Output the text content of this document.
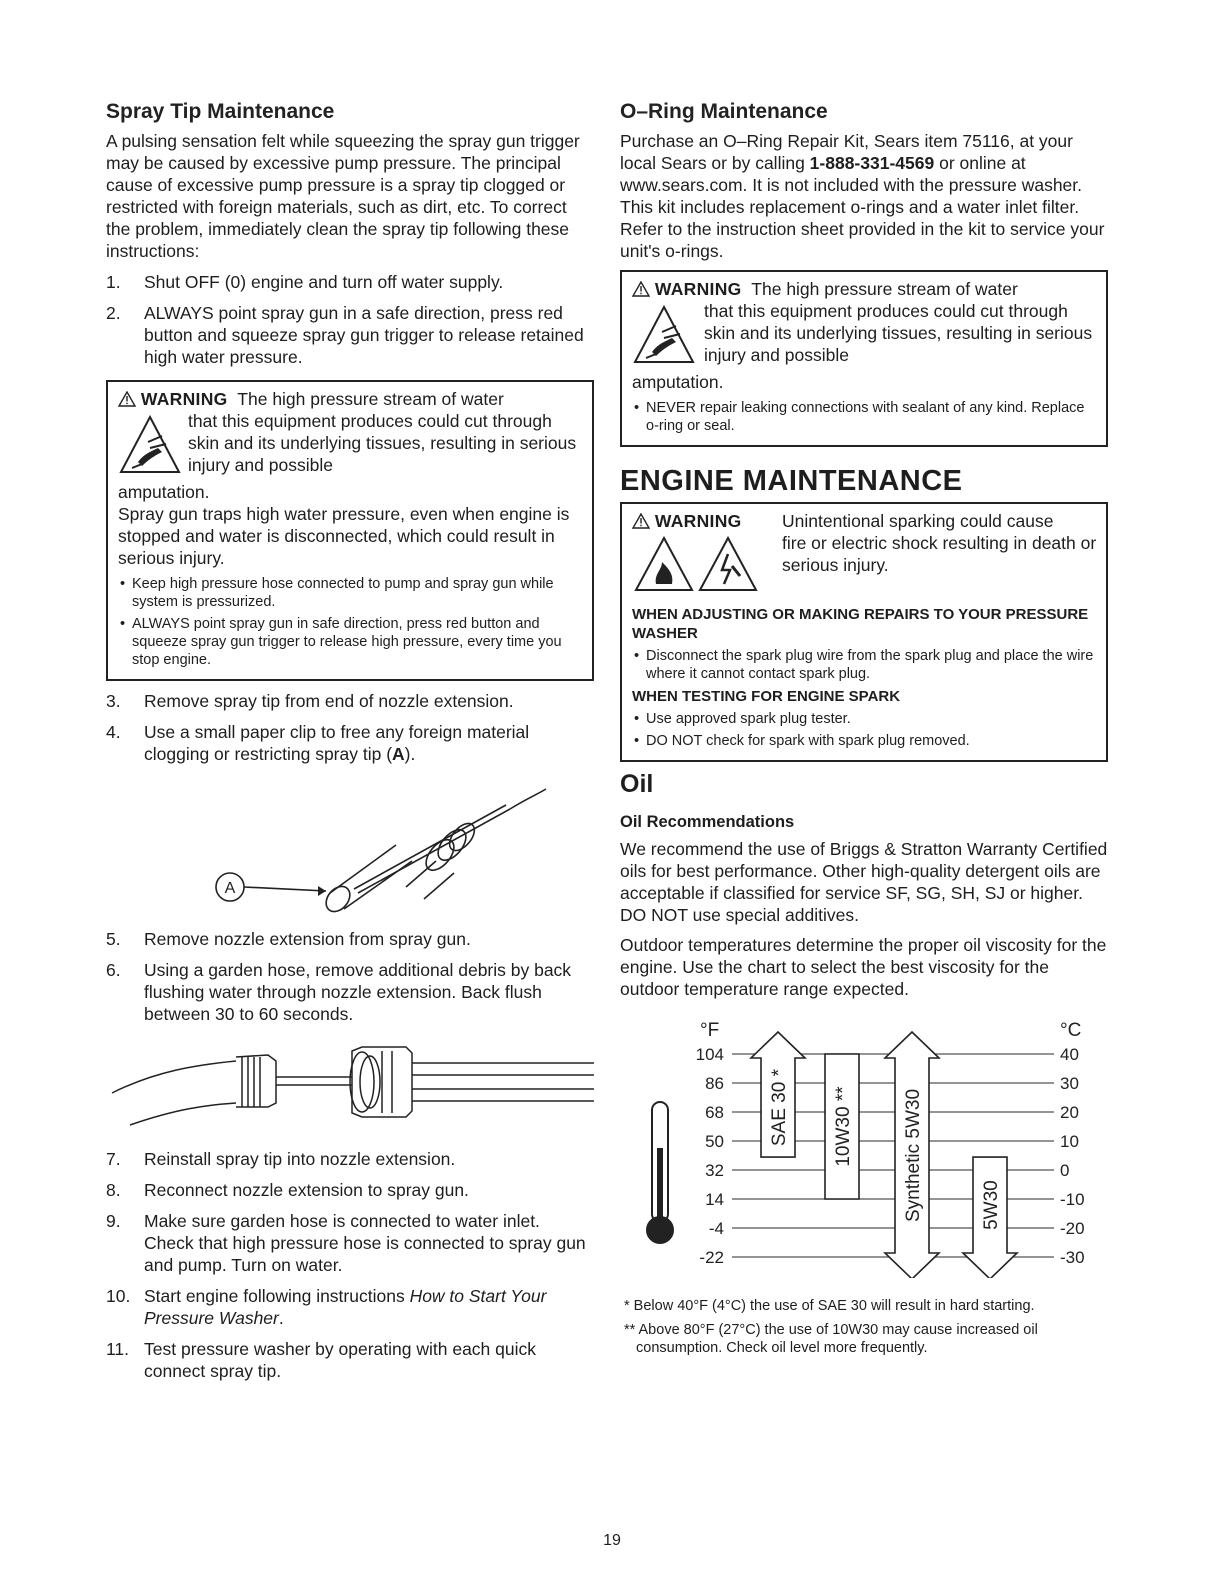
Spray Tip Maintenance

A pulsing sensation felt while squeezing the spray gun trigger may be caused by excessive pump pressure. The principal cause of excessive pump pressure is a spray tip clogged or restricted with foreign materials, such as dirt, etc. To correct the problem, immediately clean the spray tip following these instructions:

1. Shut OFF (0) engine and turn off water supply.
2. ALWAYS point spray gun in a safe direction, press red button and squeeze spray gun trigger to release retained high water pressure.
WARNING The high pressure stream of water
that this equipment produces could cut through skin and its underlying tissues, resulting in serious injury and possible
amputation.
Spray gun traps high water pressure, even when engine is stopped and water is disconnected, which could result in serious injury.
• Keep high pressure hose connected to pump and spray gun while system is pressurized.
• ALWAYS point spray gun in safe direction, press red button and squeeze spray gun trigger to release high pressure, every time you stop engine.
3. Remove spray tip from end of nozzle extension.
4. Use a small paper clip to free any foreign material clogging or restricting spray tip (A).
A
5. Remove nozzle extension from spray gun.
6. Using a garden hose, remove additional debris by back flushing water through nozzle extension. Back flush between 30 to 60 seconds.
7. Reinstall spray tip into nozzle extension.
8. Reconnect nozzle extension to spray gun.
9. Make sure garden hose is connected to water inlet. Check that high pressure hose is connected to spray gun and pump. Turn on water.
10. Start engine following instructions How to Start Your Pressure Washer.
11. Test pressure washer by operating with each quick connect spray tip.
O–Ring Maintenance

Purchase an O–Ring Repair Kit, Sears item 75116, at your local Sears or by calling 1-888-331-4569 or online at www.sears.com. It is not included with the pressure washer. This kit includes replacement o-rings and a water inlet filter. Refer to the instruction sheet provided in the kit to service your unit's o-rings.

WARNING The high pressure stream of water
that this equipment produces could cut through skin and its underlying tissues, resulting in serious injury and possible
amputation.
• NEVER repair leaking connections with sealant of any kind. Replace o-ring or seal.
ENGINE MAINTENANCE
WARNING	Unintentional sparking could cause
fire or electric shock resulting in death or serious injury.
WHEN ADJUSTING OR MAKING REPAIRS TO YOUR PRESSURE WASHER
• Disconnect the spark plug wire from the spark plug and place the wire where it cannot contact spark plug.
WHEN TESTING FOR ENGINE SPARK
• Use approved spark plug tester.
• DO NOT check for spark with spark plug removed.
Oil
Oil Recommendations

We recommend the use of Briggs & Stratton Warranty Certified oils for best performance. Other high-quality detergent oils are acceptable if classified for service SF, SG, SH, SJ or higher. DO NOT use special additives.

Outdoor temperatures determine the proper oil viscosity for the engine. Use the chart to select the best viscosity for the outdoor temperature range expected.

°F	°C
SAE 30 * 10W30 **	Synthetic 5W30	5W30
104
86
68
50
32
14
-4
-22
40
30
20
10
0
-10
-20
-30

* Below 40°F (4°C) the use of SAE 30 will result in hard starting.

** Above 80°F (27°C) the use of 10W30 may cause increased oil consumption. Check oil level more frequently.

19
